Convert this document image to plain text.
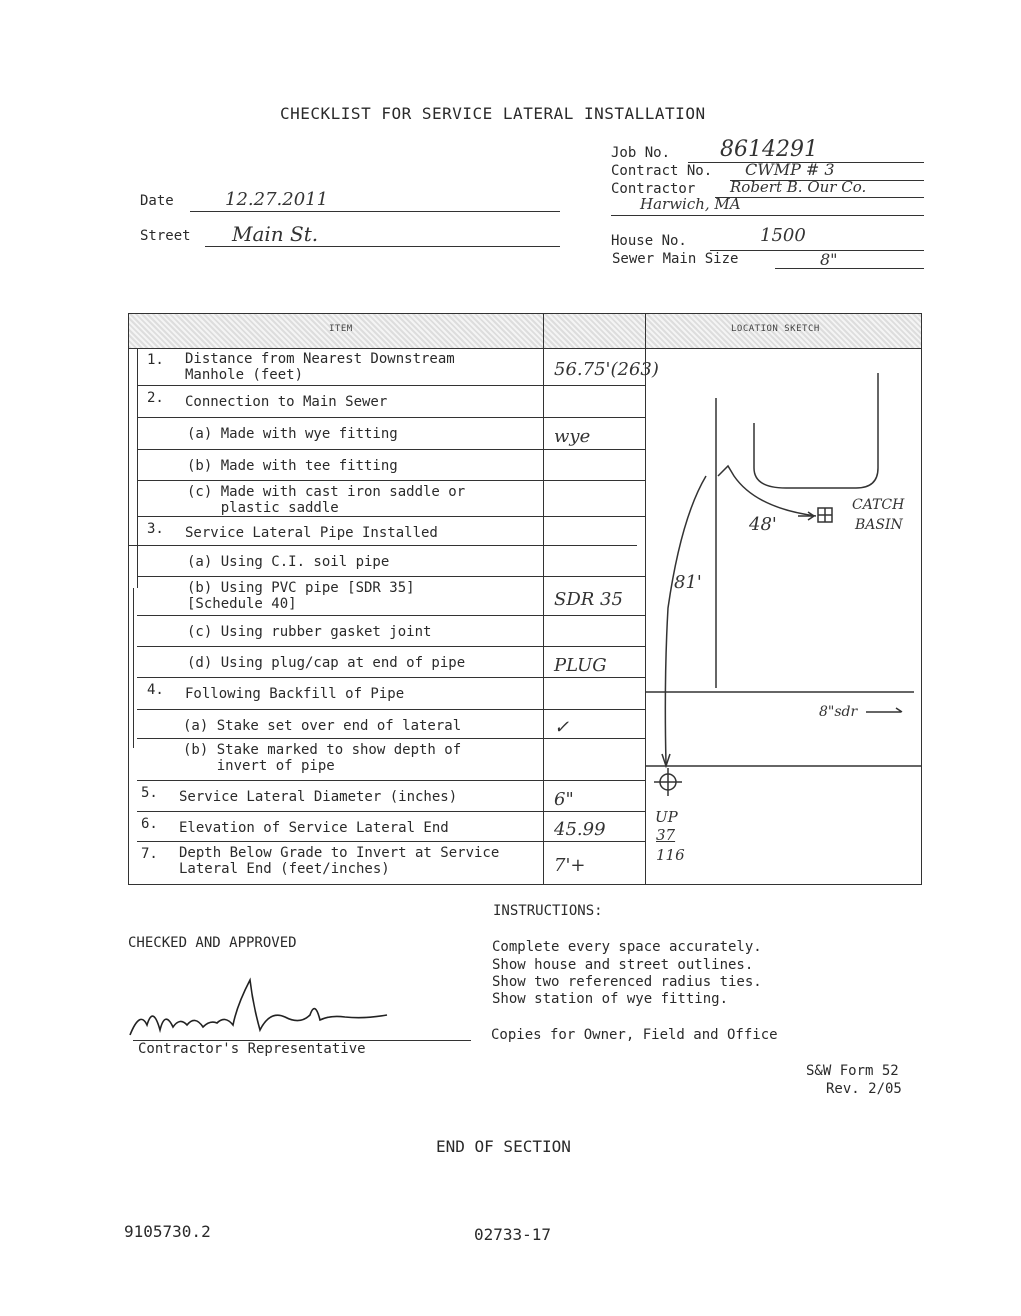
CHECKLIST FOR SERVICE LATERAL INSTALLATION
Job No. 8614291
Contract No. CWMP # 3
Contractor Robert B. Our Co.
Harwich, MA
House No.	1500
Sewer Main Size	8"
Date	12.27.2011
Street Main St.
ITEM	LOCATION SKETCH
1. Distance from Nearest Downstream
Manhole (feet)	56.75'(263)
2. Connection to Main Sewer
(a) Made with wye fitting	wye
(b) Made with tee fitting
(c) Made with cast iron saddle or
plastic saddle
3. Service Lateral Pipe Installed
(a) Using C.I. soil pipe
(b) Using PVC pipe [SDR 35]
[Schedule 40]	SDR 35
(c) Using rubber gasket joint
(d) Using plug/cap at end of pipe	PLUG
4. Following Backfill of Pipe
(a) Stake set over end of lateral	✓
(b) Stake marked to show depth of
invert of pipe
5. Service Lateral Diameter (inches)	6"
6. Elevation of Service Lateral End	45.99
7. Depth Below Grade to Invert at Service
Lateral End (feet/inches)	7'+
48'
CATCH
BASIN
81'
8"sdr
UP
37
116
CHECKED AND APPROVED
Contractor's Representative
INSTRUCTIONS:
Complete every space accurately.
Show house and street outlines.
Show two referenced radius ties.
Show station of wye fitting.
Copies for Owner, Field and Office
S&W Form 52
Rev. 2/05
END OF SECTION
9105730.2	02733-17
